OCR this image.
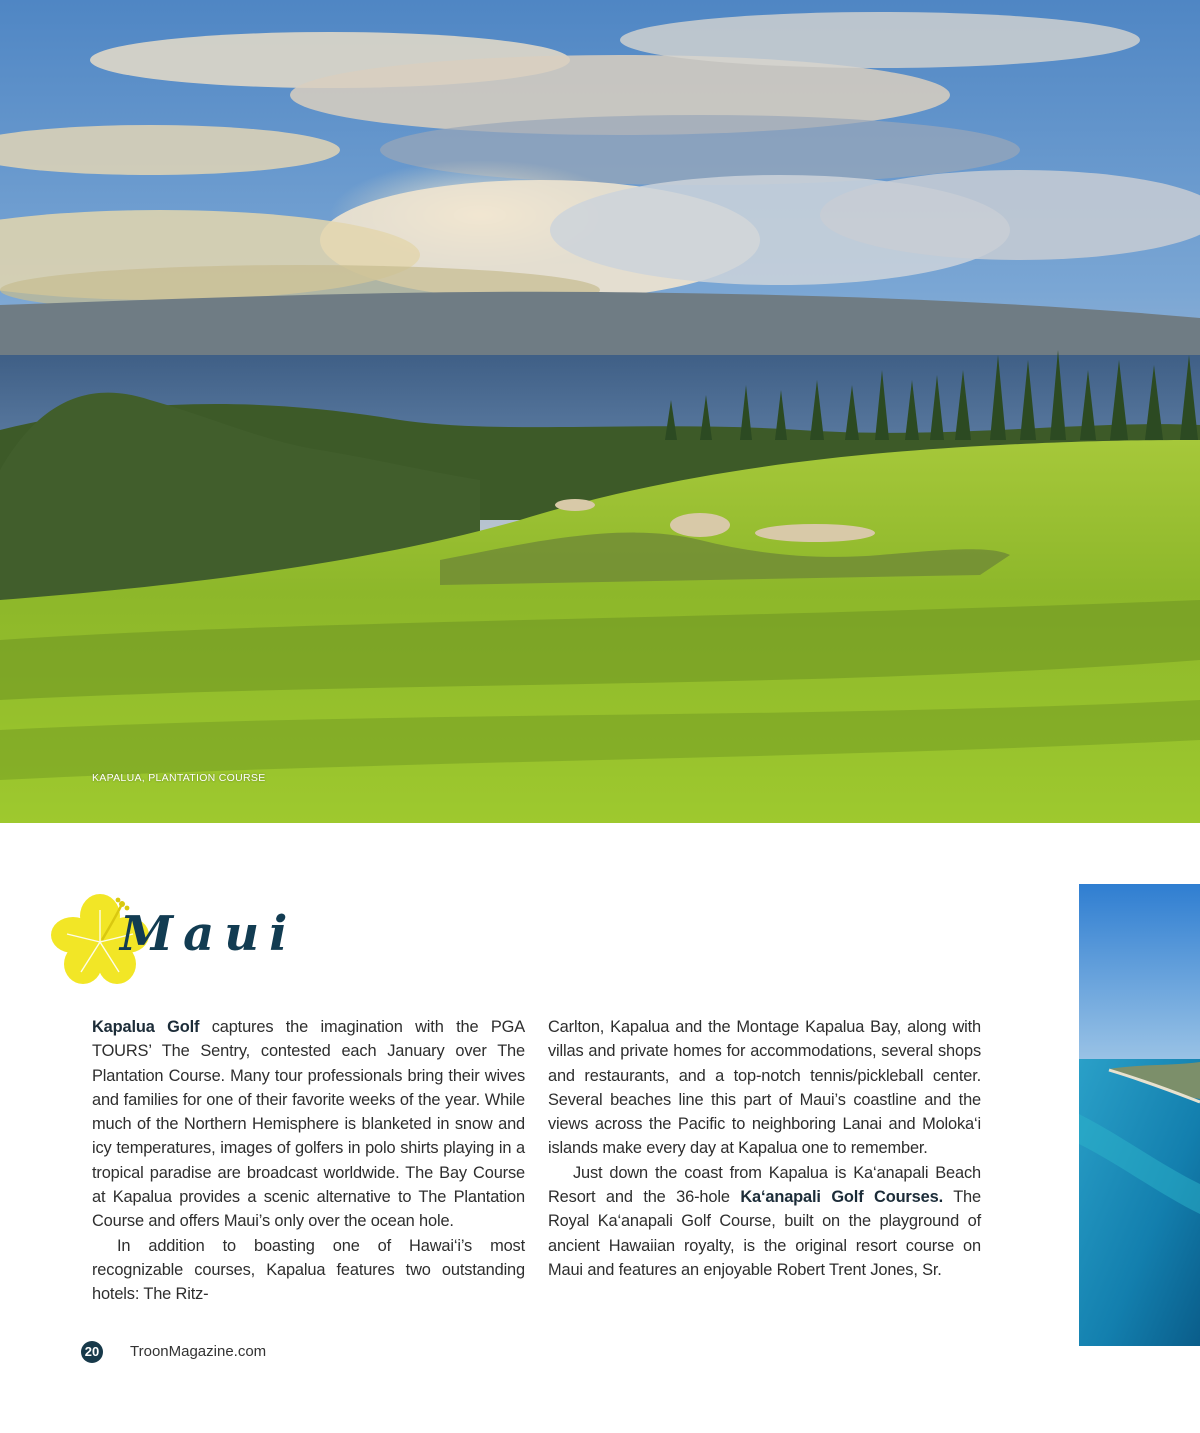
KAPALUA, PLANTATION COURSE
Maui

Kapalua Golf captures the imagination with the PGA TOURS’ The Sentry, contested each January over The Plantation Course. Many tour professionals bring their wives and families for one of their favorite weeks of the year. While much of the Northern Hemisphere is blanketed in snow and icy temperatures, images of golfers in polo shirts playing in a tropical paradise are broadcast worldwide. The Bay Course at Kapalua provides a scenic alternative to The Plantation Course and offers Maui’s only over the ocean hole.

In addition to boasting one of Hawai‘i’s most recognizable courses, Kapalua features two outstanding hotels: The Ritz-

Carlton, Kapalua and the Montage Kapalua Bay, along with villas and private homes for accommodations, several shops and restaurants, and a top-notch tennis/pickleball center. Several beaches line this part of Maui’s coastline and the views across the Pacific to neighboring Lanai and Moloka‘i islands make every day at Kapalua one to remember.

Just down the coast from Kapalua is Ka‘anapali Beach Resort and the 36-hole Ka‘anapali Golf Courses. The Royal Ka‘anapali Golf Course, built on the playground of ancient Hawaiian royalty, is the original resort course on Maui and features an enjoyable Robert Trent Jones, Sr.

20 TroonMagazine.com
